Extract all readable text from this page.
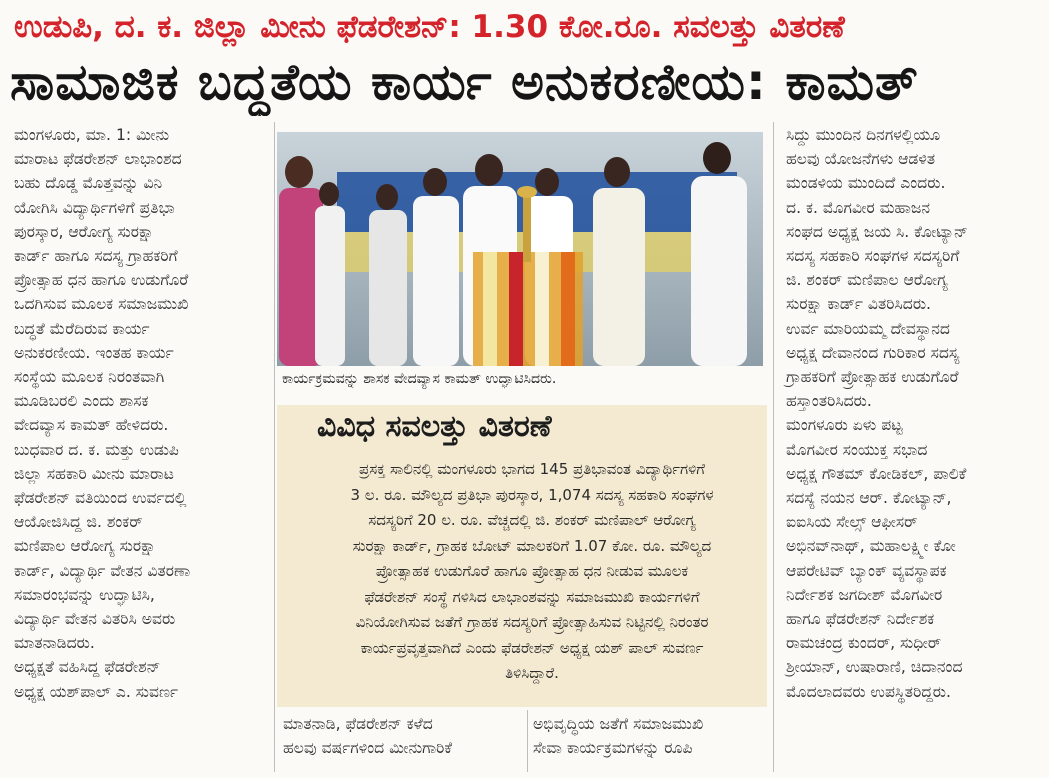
ಉಡುಪಿ, ದ. ಕ. ಜಿಲ್ಲಾ ಮೀನು ಫೆಡರೇಶನ್: 1.30 ಕೋ.ರೂ. ಸವಲತ್ತು ವಿತರಣೆ
ಸಾಮಾಜಿಕ ಬದ್ಧತೆಯ ಕಾರ್ಯ ಅನುಕರಣೀಯ: ಕಾಮತ್

ಮಂಗಳೂರು, ಮಾ. 1: ಮೀನು

ಮಾರಾಟ ಫೆಡರೇಶನ್ ಲಾಭಾಂಶದ

ಬಹು ದೊಡ್ಡ ಮೊತ್ತವನ್ನು ವಿನಿ

ಯೋಗಿಸಿ ವಿದ್ಯಾರ್ಥಿಗಳಿಗೆ ಪ್ರತಿಭಾ

ಪುರಸ್ಕಾರ, ಆರೋಗ್ಯ ಸುರಕ್ಷಾ

ಕಾರ್ಡ್ ಹಾಗೂ ಸದಸ್ಯ ಗ್ರಾಹಕರಿಗೆ

ಪ್ರೋತ್ಸಾಹ ಧನ ಹಾಗೂ ಉಡುಗೊರೆ

ಒದಗಿಸುವ ಮೂಲಕ ಸಮಾಜಮುಖಿ

ಬದ್ಧತೆ ಮೆರೆದಿರುವ ಕಾರ್ಯ

ಅನುಕರಣೀಯ. ಇಂತಹ ಕಾರ್ಯ

ಸಂಸ್ಥೆಯ ಮೂಲಕ ನಿರಂತವಾಗಿ

ಮೂಡಿಬರಲಿ ಎಂದು ಶಾಸಕ

ವೇದವ್ಯಾಸ ಕಾಮತ್ ಹೇಳಿದರು.

ಬುಧವಾರ ದ. ಕ. ಮತ್ತು ಉಡುಪಿ

ಜಿಲ್ಲಾ ಸಹಕಾರಿ ಮೀನು ಮಾರಾಟ

ಫೆಡರೇಶನ್ ವತಿಯಿಂದ ಉರ್ವದಲ್ಲಿ

ಆಯೋಜಿಸಿದ್ದ ಜಿ. ಶಂಕರ್

ಮಣಿಪಾಲ ಆರೋಗ್ಯ ಸುರಕ್ಷಾ

ಕಾರ್ಡ್, ವಿದ್ಯಾರ್ಥಿ ವೇತನ ವಿತರಣಾ

ಸಮಾರಂಭವನ್ನು ಉದ್ಘಾಟಿಸಿ,

ವಿದ್ಯಾರ್ಥಿ ವೇತನ ವಿತರಿಸಿ ಅವರು

ಮಾತನಾಡಿದರು.

ಅಧ್ಯಕ್ಷತೆ ವಹಿಸಿದ್ದ ಫೆಡರೇಶನ್

ಅಧ್ಯಕ್ಷ ಯಶ್‌ಪಾಲ್ ಎ. ಸುವರ್ಣ

ಕಾರ್ಯಕ್ರಮವನ್ನು ಶಾಸಕ ವೇದವ್ಯಾಸ ಕಾಮತ್ ಉದ್ಘಾಟಿಸಿದರು.
ವಿವಿಧ ಸವಲತ್ತು ವಿತರಣೆ
ಪ್ರಸಕ್ತ ಸಾಲಿನಲ್ಲಿ ಮಂಗಳೂರು ಭಾಗದ 145 ಪ್ರತಿಭಾವಂತ ವಿದ್ಯಾರ್ಥಿಗಳಿಗೆ
3 ಲ. ರೂ. ಮೌಲ್ಯದ ಪ್ರತಿಭಾ ಪುರಸ್ಕಾರ, 1,074 ಸದಸ್ಯ ಸಹಕಾರಿ ಸಂಘಗಳ
ಸದಸ್ಯರಿಗೆ 20 ಲ. ರೂ. ವೆಚ್ಚದಲ್ಲಿ ಜಿ. ಶಂಕರ್ ಮಣಿಪಾಲ್ ಆರೋಗ್ಯ
ಸುರಕ್ಷಾ ಕಾರ್ಡ್, ಗ್ರಾಹಕ ಬೋಟ್ ಮಾಲಕರಿಗೆ 1.07 ಕೋ. ರೂ. ಮೌಲ್ಯದ
ಪ್ರೋತ್ಸಾಹಕ ಉಡುಗೊರೆ ಹಾಗೂ ಪ್ರೋತ್ಸಾಹ ಧನ ನೀಡುವ ಮೂಲಕ
ಫೆಡರೇಶನ್ ಸಂಸ್ಥೆ ಗಳಿಸಿದ ಲಾಭಾಂಶವನ್ನು ಸಮಾಜಮುಖಿ ಕಾರ್ಯಗಳಿಗೆ
ವಿನಿಯೋಗಿಸುವ ಜತೆಗೆ ಗ್ರಾಹಕ ಸದಸ್ಯರಿಗೆ ಪ್ರೋತ್ಸಾಹಿಸುವ ನಿಟ್ಟಿನಲ್ಲಿ ನಿರಂತರ
ಕಾರ್ಯಪ್ರವೃತ್ತವಾಗಿದೆ ಎಂದು ಫೆಡರೇಶನ್ ಅಧ್ಯಕ್ಷ ಯಶ್ ಪಾಲ್ ಸುವರ್ಣ
ತಿಳಿಸಿದ್ದಾರೆ.
ಮಾತನಾಡಿ, ಫೆಡರೇಶನ್ ಕಳೆದ
ಹಲವು ವರ್ಷಗಳಿಂದ ಮೀನುಗಾರಿಕೆ
ಅಭಿವೃದ್ಧಿಯ ಜತೆಗೆ ಸಮಾಜಮುಖಿ
ಸೇವಾ ಕಾರ್ಯಕ್ರಮಗಳನ್ನು ರೂಪಿ

ಸಿದ್ದು ಮುಂದಿನ ದಿನಗಳಲ್ಲಿಯೂ

ಹಲವು ಯೋಜನೆಗಳು ಆಡಳಿತ

ಮಂಡಳಿಯ ಮುಂದಿದೆ ಎಂದರು.

ದ. ಕ. ಮೊಗವೀರ ಮಹಾಜನ

ಸಂಘದ ಅಧ್ಯಕ್ಷ ಜಯ ಸಿ. ಕೋಟ್ಯಾನ್

ಸದಸ್ಯ ಸಹಕಾರಿ ಸಂಘಗಳ ಸದಸ್ಯರಿಗೆ

ಜಿ. ಶಂಕರ್ ಮಣಿಪಾಲ ಆರೋಗ್ಯ

ಸುರಕ್ಷಾ ಕಾರ್ಡ್ ವಿತರಿಸಿದರು.

ಉರ್ವ ಮಾರಿಯಮ್ಮ ದೇವಸ್ಥಾನದ

ಅಧ್ಯಕ್ಷ ದೇವಾನಂದ ಗುರಿಕಾರ ಸದಸ್ಯ

ಗ್ರಾಹಕರಿಗೆ ಪ್ರೋತ್ಸಾಹಕ ಉಡುಗೊರೆ

ಹಸ್ತಾಂತರಿಸಿದರು.

ಮಂಗಳೂರು ಏಳು ಪಟ್ಟ

ಮೊಗವೀರ ಸಂಯುಕ್ತ ಸಭಾದ

ಅಧ್ಯಕ್ಷ ಗೌತಮ್ ಕೋಡಿಕಲ್, ಪಾಲಿಕೆ

ಸದಸ್ಯೆ ನಯನ ಆರ್. ಕೋಟ್ಯಾನ್,

ಐಐಸಿಯ ಸೇಲ್ಸ್ ಆಫೀಸರ್

ಅಭಿನವ್‌ನಾಥ್, ಮಹಾಲಕ್ಷ್ಮೀ ಕೋ

ಆಪರೇಟಿವ್ ಬ್ಯಾಂಕ್ ವ್ಯವಸ್ಥಾಪಕ

ನಿರ್ದೇಶಕ ಜಗದೀಶ್ ಮೊಗವೀರ

ಹಾಗೂ ಫೆಡರೇಶನ್ ನಿರ್ದೇಶಕ

ರಾಮಚಂದ್ರ ಕುಂದರ್, ಸುಧೀರ್

ಶ್ರೀಯಾನ್, ಉಷಾರಾಣಿ, ಚಿದಾನಂದ

ಮೊದಲಾದವರು ಉಪಸ್ಥಿತರಿದ್ದರು.
